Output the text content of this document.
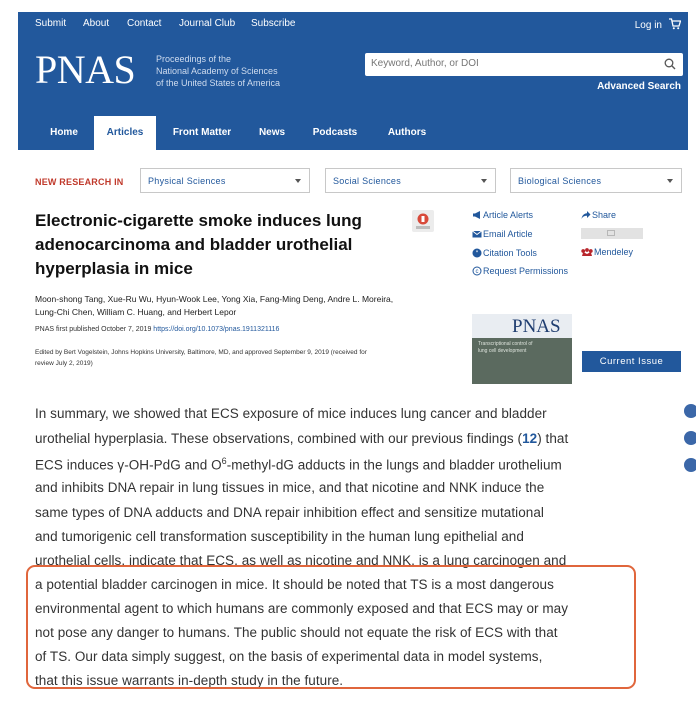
Submit About Contact Journal Club Subscribe	Log in
PNAS Proceedings of the
National Academy of Sciences
of the United States of America
Keyword, Author, or DOI
Advanced Search
Home	Articles	Front Matter	News	Podcasts	Authors
NEW RESEARCH IN	Physical Sciences	Social Sciences	Biological Sciences
Electronic-cigarette smoke induces lung adenocarcinoma and bladder urothelial hyperplasia in mice
Moon-shong Tang, Xue-Ru Wu, Hyun-Wook Lee, Yong Xia, Fang-Ming Deng, Andre L. Moreira,
Lung-Chi Chen, William C. Huang, and Herbert Lepor
PNAS first published October 7, 2019 https://doi.org/10.1073/pnas.1911321116
Edited by Bert Vogelstein, Johns Hopkins University, Baltimore, MD, and approved September 9, 2019 (received for
review July 2, 2019)
Article Alerts
Email Article
" Citation Tools
c Request Permissions
Share
Mendeley
PNAS
Transcriptional control of lung cell development
Current Issue
In summary, we showed that ECS exposure of mice induces lung cancer and bladder
urothelial hyperplasia. These observations, combined with our previous findings (12) that
ECS induces γ-OH-PdG and $O^6-methyl-dG$ adducts in the lungs and bladder urothelium
and inhibits DNA repair in lung tissues in mice, and that nicotine and NNK induce the
same types of DNA adducts and DNA repair inhibition effect and sensitize mutational
and tumorigenic cell transformation susceptibility in the human lung epithelial and
urothelial cells, indicate that ECS, as well as nicotine and NNK, is a lung carcinogen and
a potential bladder carcinogen in mice. It should be noted that TS is a most dangerous
environmental agent to which humans are commonly exposed and that ECS may or may
not pose any danger to humans. The public should not equate the risk of ECS with that
of TS. Our data simply suggest, on the basis of experimental data in model systems,
that this issue warrants in-depth study in the future.
